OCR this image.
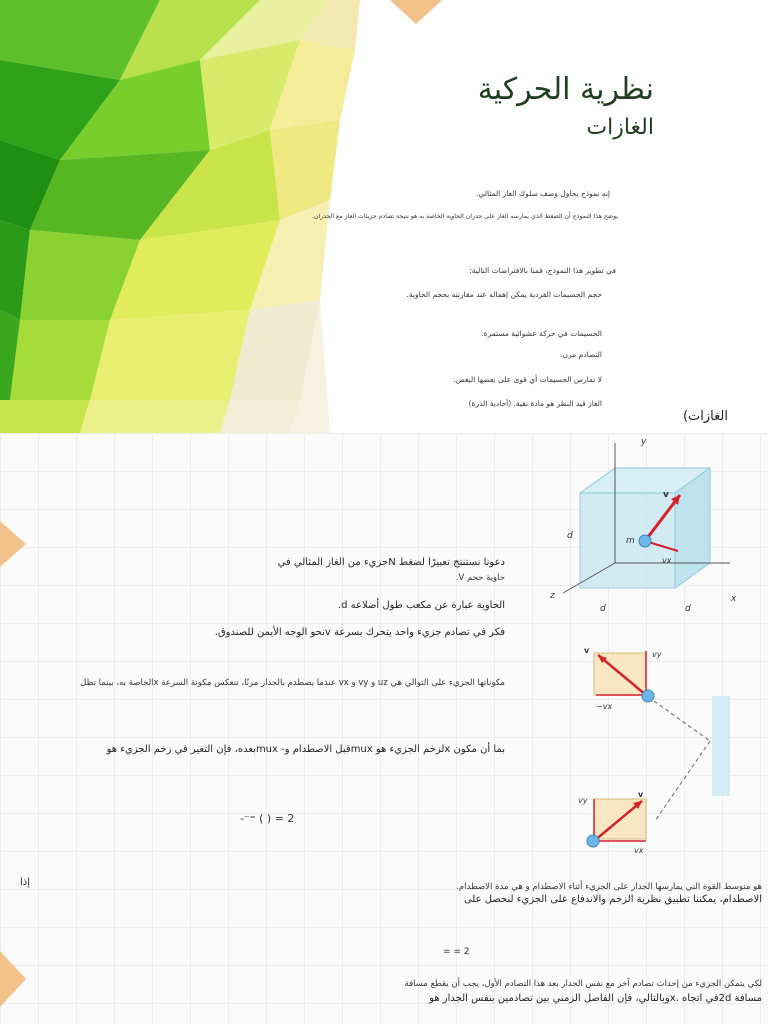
نظرية الحركية
الغازات
إنه نموذج يحاول وصف سلوك الغاز المثالي.
يوضح هذا النموذج أن الضغط الذي يمارسه الغاز على جدران الحاوية الخاصة به هو نتيجة تصادم جزيئات الغاز مع الجدران.
في تطوير هذا النموذج، قمنا بالافتراضات التالية:
حجم الجسيمات الفردية يمكن إهماله عند مقارنته بحجم الحاوية.
الجسيمات في حركة عشوائية مستمرة.
التصادم مرن.
لا تمارس الجسيمات أي قوى على بعضها البعض.
الغاز قيد النظر هو مادة نقية. (أحادية الذرة)
الغازات)
y
x
z
d
d	d
m
v
vx
v	vy
−vx
vy
v
vx
دعونا نستنتج تعبيرًا لضغط Nجزيء من الغاز المثالي في
حاوية حجم V.
الحاوية عبارة عن مكعب طول أضلاعه d.
فكر في تصادم جزيء واحد يتحرك بسرعة vنحو الوجه الأيمن للصندوق.
مكوناتها الجزيء على التوالي هي uz و vy و vx عندما يصطدم بالجدار مرنًا، تنعكس مكونة السرعة xالخاصة به، بينما تظل
بما أن مكون xلزخم الجزيء هو muxقبل الاصطدام و- muxبعده، فإن التغير في زخم الجزيء هو
-⁻⁼ ( ) = 2
إذا	هو متوسط القوة التي يمارسها الجدار على الجزيء أثناء الاصطدام و هي مدة الاصطدام.
الاصطدام، يمكننا تطبيق نظرية الزخم والاندفاع على الجزيء لنحصل على
= = 2
لكي يتمكن الجزيء من إحداث تصادم آخر مع نفس الجدار بعد هذا التصادم الأول، يجب أن يقطع مسافة
مسافة 2dفي اتجاه .xوبالتالي، فإن الفاصل الزمني بين تصادمين بنفس الجدار هو
